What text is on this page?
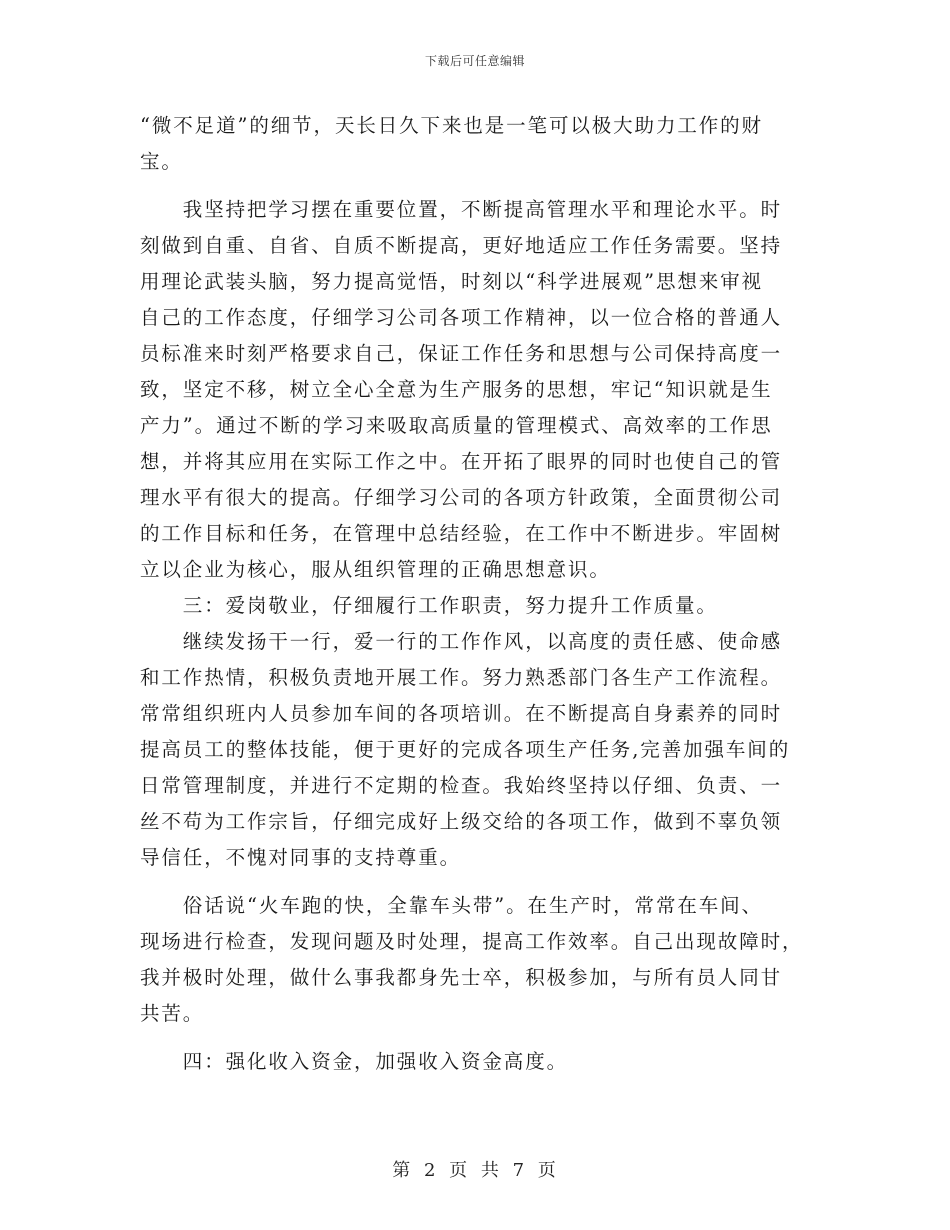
下载后可任意编辑
“微不足道”的细节，天长日久下来也是一笔可以极大助力工作的财
宝。
　　我坚持把学习摆在重要位置，不断提高管理水平和理论水平。时
刻做到自重、自省、自质不断提高，更好地适应工作任务需要。坚持
用理论武装头脑，努力提高觉悟，时刻以“科学进展观”思想来审视
自己的工作态度，仔细学习公司各项工作精神，以一位合格的普通人
员标准来时刻严格要求自己，保证工作任务和思想与公司保持高度一
致，坚定不移，树立全心全意为生产服务的思想，牢记“知识就是生
产力”。通过不断的学习来吸取高质量的管理模式、高效率的工作思
想，并将其应用在实际工作之中。在开拓了眼界的同时也使自己的管
理水平有很大的提高。仔细学习公司的各项方针政策，全面贯彻公司
的工作目标和任务，在管理中总结经验，在工作中不断进步。牢固树
立以企业为核心，服从组织管理的正确思想意识。
　　三：爱岗敬业，仔细履行工作职责，努力提升工作质量。
　　继续发扬干一行，爱一行的工作作风，以高度的责任感、使命感
和工作热情，积极负责地开展工作。努力熟悉部门各生产工作流程。
常常组织班内人员参加车间的各项培训。在不断提高自身素养的同时
提高员工的整体技能，便于更好的完成各项生产任务,完善加强车间的
日常管理制度，并进行不定期的检查。我始终坚持以仔细、负责、一
丝不苟为工作宗旨，仔细完成好上级交给的各项工作，做到不辜负领
导信任，不愧对同事的支持尊重。
　　俗话说“火车跑的快，全靠车头带”。在生产时，常常在车间、
现场进行检查，发现问题及时处理，提高工作效率。自己出现故障时，
我并极时处理，做什么事我都身先士卒，积极参加，与所有员人同甘
共苦。
　　四：强化收入资金，加强收入资金高度。
第 2 页 共 7 页
